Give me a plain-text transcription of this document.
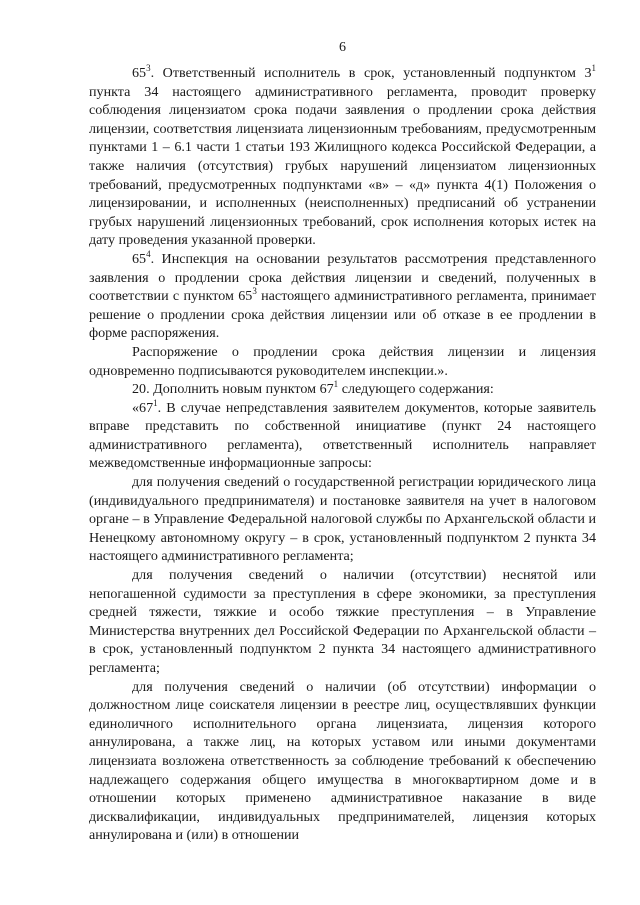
6

$65^3$. Ответственный исполнитель в срок, установленный подпунктом $3^1$ пункта 34 настоящего административного регламента, проводит проверку соблюдения лицензиатом срока подачи заявления о продлении срока действия лицензии, соответствия лицензиата лицензионным требованиям, предусмотренным пунктами 1 – 6.1 части 1 статьи 193 Жилищного кодекса Российской Федерации, а также наличия (отсутствия) грубых нарушений лицензиатом лицензионных требований, предусмотренных подпунктами «в» – «д» пункта 4(1) Положения о лицензировании, и исполненных (неисполненных) предписаний об устранении грубых нарушений лицензионных требований, срок исполнения которых истек на дату проведения указанной проверки.

$65^4$. Инспекция на основании результатов рассмотрения представленного заявления о продлении срока действия лицензии и сведений, полученных в соответствии с пунктом $65^3$ настоящего административного регламента, принимает решение о продлении срока действия лицензии или об отказе в ее продлении в форме распоряжения.

Распоряжение о продлении срока действия лицензии и лицензия одновременно подписываются руководителем инспекции.».

20. Дополнить новым пунктом $67^1$ следующего содержания:

«$67^1$. В случае непредставления заявителем документов, которые заявитель вправе представить по собственной инициативе (пункт 24 настоящего административного регламента), ответственный исполнитель направляет межведомственные информационные запросы:

для получения сведений о государственной регистрации юридического лица (индивидуального предпринимателя) и постановке заявителя на учет в налоговом органе – в Управление Федеральной налоговой службы по Архангельской области и Ненецкому автономному округу – в срок, установленный подпунктом 2 пункта 34 настоящего административного регламента;

для получения сведений о наличии (отсутствии) неснятой или непогашенной судимости за преступления в сфере экономики, за преступления средней тяжести, тяжкие и особо тяжкие преступления – в Управление Министерства внутренних дел Российской Федерации по Архангельской области – в срок, установленный подпунктом 2 пункта 34 настоящего административного регламента;

для получения сведений о наличии (об отсутствии) информации о должностном лице соискателя лицензии в реестре лиц, осуществлявших функции единоличного исполнительного органа лицензиата, лицензия которого аннулирована, а также лиц, на которых уставом или иными документами лицензиата возложена ответственность за соблюдение требований к обеспечению надлежащего содержания общего имущества в многоквартирном доме и в отношении которых применено административное наказание в виде дисквалификации, индивидуальных предпринимателей, лицензия которых аннулирована и (или) в отношении
